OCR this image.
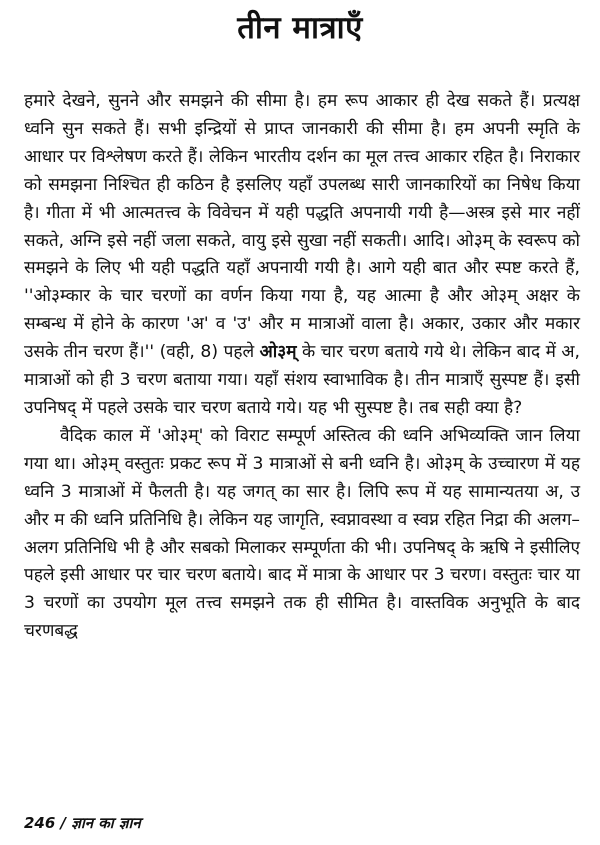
तीन मात्राएँ

हमारे देखने, सुनने और समझने की सीमा है। हम रूप आकार ही देख सकते हैं। प्रत्यक्ष ध्वनि सुन सकते हैं। सभी इन्द्रियों से प्राप्त जानकारी की सीमा है। हम अपनी स्मृति के आधार पर विश्लेषण करते हैं। लेकिन भारतीय दर्शन का मूल तत्त्व आकार रहित है। निराकार को समझना निश्चित ही कठिन है इसलिए यहाँ उपलब्ध सारी जानकारियों का निषेध किया है। गीता में भी आत्मतत्त्व के विवेचन में यही पद्धति अपनायी गयी है—अस्त्र इसे मार नहीं सकते, अग्नि इसे नहीं जला सकते, वायु इसे सुखा नहीं सकती। आदि। ओ३म् के स्वरूप को समझने के लिए भी यही पद्धति यहाँ अपनायी गयी है। आगे यही बात और स्पष्ट करते हैं, ''ओ३म्कार के चार चरणों का वर्णन किया गया है, यह आत्मा है और ओ३म् अक्षर के सम्बन्ध में होने के कारण 'अ' व 'उ' और म मात्राओं वाला है। अकार, उकार और मकार उसके तीन चरण हैं।'' (वही, 8) पहले ओ३म् के चार चरण बताये गये थे। लेकिन बाद में अ, मात्राओं को ही 3 चरण बताया गया। यहाँ संशय स्वाभाविक है। तीन मात्राएँ सुस्पष्ट हैं। इसी उपनिषद् में पहले उसके चार चरण बताये गये। यह भी सुस्पष्ट है। तब सही क्या है?

वैदिक काल में 'ओ३म्' को विराट सम्पूर्ण अस्तित्व की ध्वनि अभिव्यक्ति जान लिया गया था। ओ३म् वस्तुतः प्रकट रूप में 3 मात्राओं से बनी ध्वनि है। ओ३म् के उच्चारण में यह ध्वनि 3 मात्राओं में फैलती है। यह जगत् का सार है। लिपि रूप में यह सामान्यतया अ, उ और म की ध्वनि प्रतिनिधि है। लेकिन यह जागृति, स्वप्नावस्था व स्वप्न रहित निद्रा की अलग–अलग प्रतिनिधि भी है और सबको मिलाकर सम्पूर्णता की भी। उपनिषद् के ऋषि ने इसीलिए पहले इसी आधार पर चार चरण बताये। बाद में मात्रा के आधार पर 3 चरण। वस्तुतः चार या 3 चरणों का उपयोग मूल तत्त्व समझने तक ही सीमित है। वास्तविक अनुभूति के बाद चरणबद्ध

246 / ज्ञान का ज्ञान
